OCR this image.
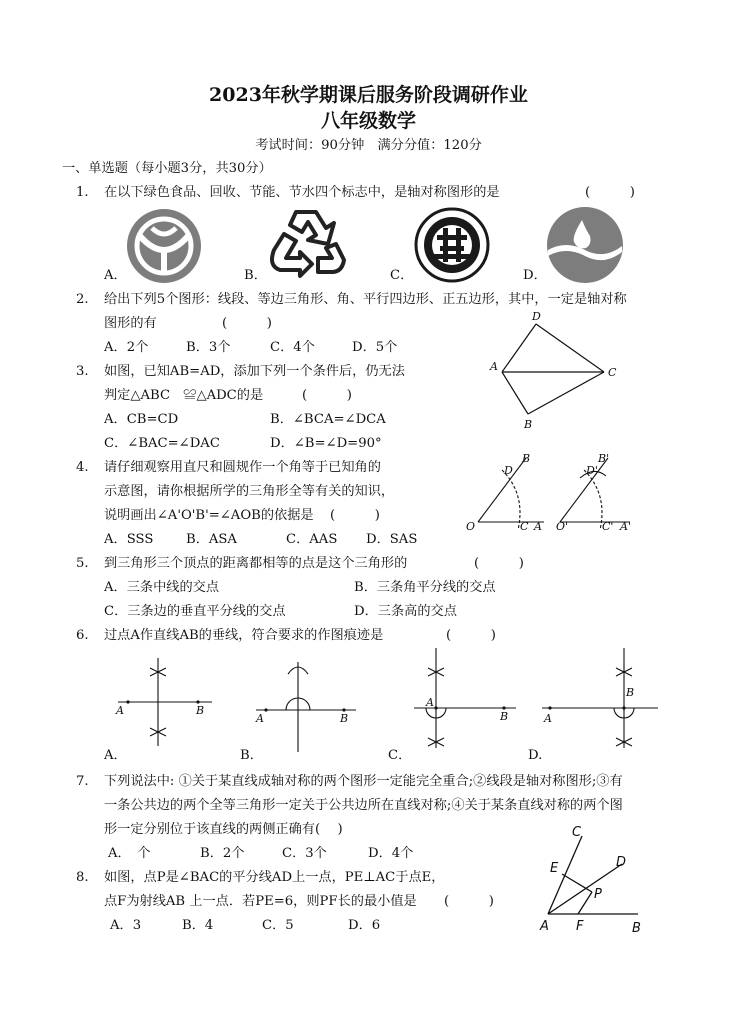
2023年秋学期课后服务阶段调研作业
八年级数学
考试时间：90分钟　满分分值：120分
一、单选题（每小题3分，共30分）
1. 在以下绿色食品、回收、节能、节水四个标志中，是轴对称图形的是	(　　　)
A．	B．	C．	D．
2. 给出下列5个图形：线段、等边三角形、角、平行四边形、正五边形，其中，一定是轴对称
图形的有	(　　　)
A．2个	B．3个	C．4个	D．5个
D
A	C
B
3. 如图，已知AB=AD，添加下列一个条件后，仍无法
判定△ABC　≌△ADC的是	(　　　)
A．CB=CD	B．∠BCA=∠DCA
C．∠BAC=∠DAC	D．∠B=∠D=90°
D
B
O	C A
B'
D'
O'	C' A'
4. 请仔细观察用直尺和圆规作一个角等于已知角的
示意图，请你根据所学的三角形全等有关的知识，
说明画出∠A'O'B'=∠AOB的依据是 (　　　)
A．SSS B．ASA	C．AAS D．SAS
5. 到三角形三个顶点的距离都相等的点是这个三角形的	(　　　)
A．三条中线的交点	B．三条角平分线的交点
C．三条边的垂直平分线的交点	D．三条高的交点
6. 过点A作直线AB的垂线，符合要求的作图痕迹是	(　　　)
A	B
A	B
A
B	A
B
A．	B．	C．	D.
7. 下列说法中: ①关于某直线成轴对称的两个图形一定能完全重合;②线段是轴对称图形;③有
一条公共边的两个全等三角形一定关于公共边所在直线对称;④关于某条直线对称的两个图
形一定分别位于该直线的两侧正确有(　 )
A．　个	B．2个	C．3个	D．4个
C
E	D
P
A F	B
8. 如图，点P是∠BAC的平分线AD上一点，PE⊥AC于点E，
点F为射线AB 上一点．若PE=6，则PF长的最小值是 (　　　)
A．3	B．4	C．5	D．6
